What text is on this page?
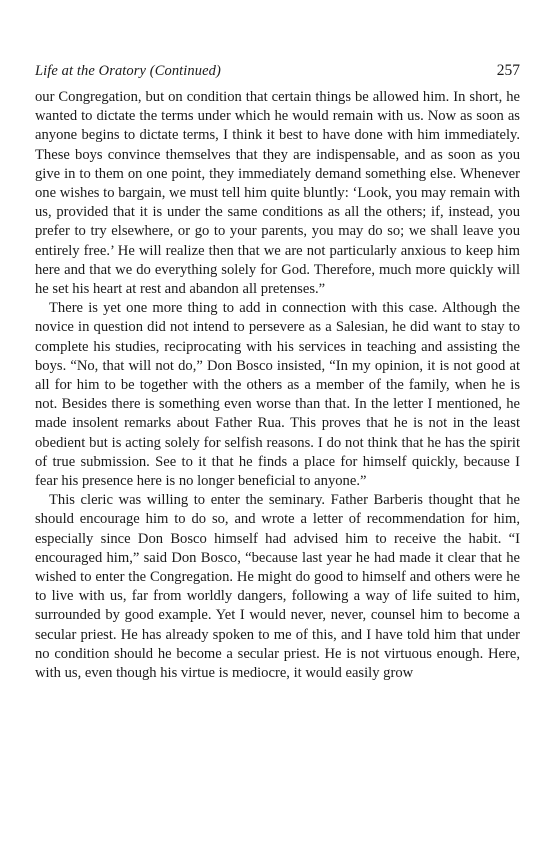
Life at the Oratory (Continued)	257

our Congregation, but on condition that certain things be allowed him. In short, he wanted to dictate the terms under which he would remain with us. Now as soon as anyone begins to dictate terms, I think it best to have done with him immediately. These boys convince themselves that they are indispensable, and as soon as you give in to them on one point, they immediately demand something else. Whenever one wishes to bargain, we must tell him quite bluntly: ‘Look, you may remain with us, provided that it is under the same conditions as all the others; if, instead, you prefer to try elsewhere, or go to your parents, you may do so; we shall leave you entirely free.’ He will realize then that we are not particularly anxious to keep him here and that we do everything solely for God. Therefore, much more quickly will he set his heart at rest and abandon all pretenses.”

There is yet one more thing to add in connection with this case. Although the novice in question did not intend to persevere as a Salesian, he did want to stay to complete his studies, reciprocating with his services in teaching and assisting the boys. “No, that will not do,” Don Bosco insisted, “In my opinion, it is not good at all for him to be together with the others as a member of the family, when he is not. Besides there is something even worse than that. In the letter I mentioned, he made insolent remarks about Father Rua. This proves that he is not in the least obedient but is acting solely for selfish reasons. I do not think that he has the spirit of true submission. See to it that he finds a place for himself quickly, because I fear his presence here is no longer beneficial to anyone.”

This cleric was willing to enter the seminary. Father Barberis thought that he should encourage him to do so, and wrote a letter of recommendation for him, especially since Don Bosco himself had advised him to receive the habit. “I encouraged him,” said Don Bosco, “because last year he had made it clear that he wished to enter the Congregation. He might do good to himself and others were he to live with us, far from worldly dangers, following a way of life suited to him, surrounded by good example. Yet I would never, never, counsel him to become a secular priest. He has already spoken to me of this, and I have told him that under no condition should he become a secular priest. He is not virtuous enough. Here, with us, even though his virtue is mediocre, it would easily grow
